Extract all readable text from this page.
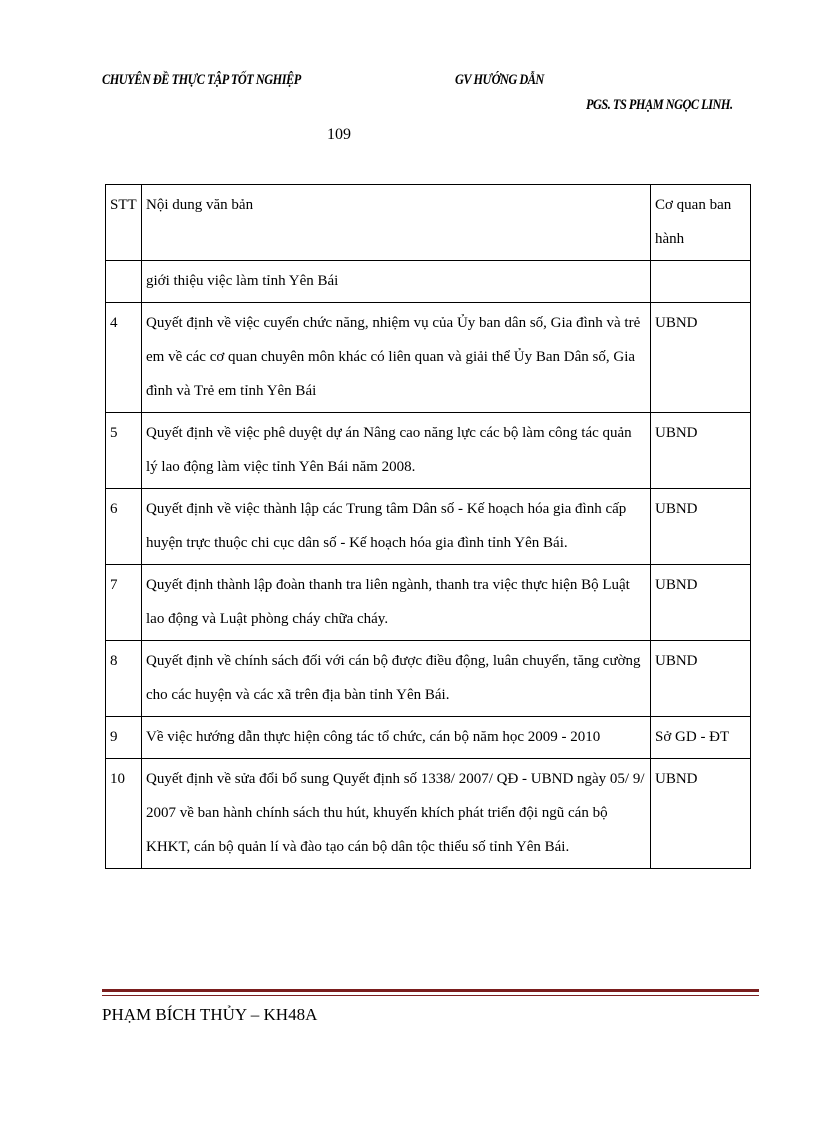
CHUYÊN ĐỀ THỰC TẬP TỐT NGHIỆP	GV HƯỚNG DẪN
PGS. TS PHẠM NGỌC LINH.
109
STT	Nội dung văn bản	Cơ quan ban hành
	giới thiệu việc làm tỉnh Yên Bái	
4	Quyết định về việc cuyển chức năng, nhiệm vụ của Ủy ban dân số, Gia đình và trẻ em về các cơ quan chuyên môn khác có liên quan và giải thể Ủy Ban Dân số, Gia đình và Trẻ em tỉnh Yên Bái	UBND
5	Quyết định về việc phê duyệt dự án Nâng cao năng lực các bộ làm công tác quản lý lao động làm việc tỉnh Yên Bái năm 2008.	UBND
6	Quyết định về việc thành lập các Trung tâm Dân số - Kế hoạch hóa gia đình cấp huyện trực thuộc chi cục dân số - Kế hoạch hóa gia đình tỉnh Yên Bái.	UBND
7	Quyết định thành lập đoàn thanh tra liên ngành, thanh tra việc thực hiện Bộ Luật lao động và Luật phòng cháy chữa cháy.	UBND
8	Quyết định về chính sách đối với cán bộ được điều động, luân chuyển, tăng cường cho các huyện và các xã trên địa bàn tỉnh Yên Bái.	UBND
9	Về việc hướng dẫn thực hiện công tác tổ chức, cán bộ năm học 2009 - 2010	Sở GD - ĐT
10	Quyết định về sửa đổi bổ sung Quyết định số 1338/ 2007/ QĐ - UBND ngày 05/ 9/ 2007 về ban hành chính sách thu hút, khuyến khích phát triển đội ngũ cán bộ KHKT, cán bộ quản lí và đào tạo cán bộ dân tộc thiểu số tỉnh Yên Bái.	UBND
PHẠM BÍCH THỦY – KH48A
